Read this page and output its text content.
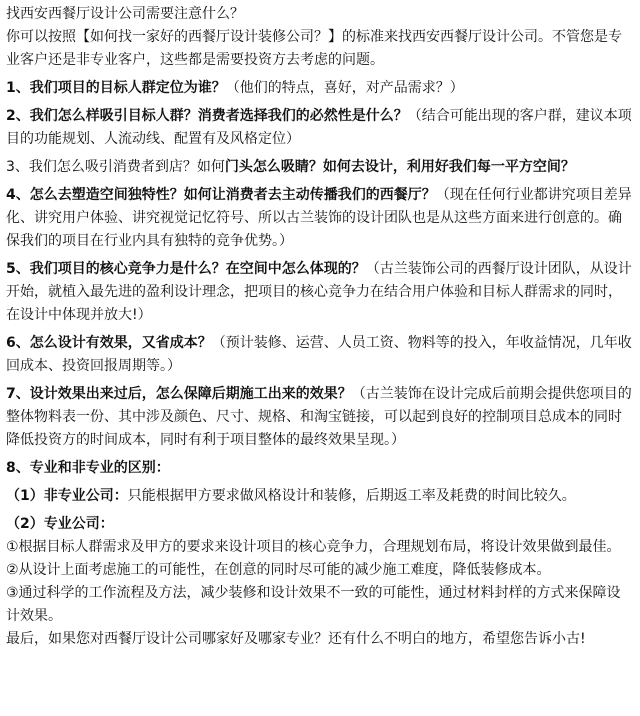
找西安西餐厅设计公司需要注意什么？

你可以按照【如何找一家好的西餐厅设计装修公司？】的标准来找西安西餐厅设计公司。不管您是专业客户还是非专业客户，这些都是需要投资方去考虑的问题。

1、我们项目的目标人群定位为谁？（他们的特点，喜好，对产品需求？）

2、我们怎么样吸引目标人群？消费者选择我们的必然性是什么？（结合可能出现的客户群，建议本项目的功能规划、人流动线、配置有及风格定位）

3、我们怎么吸引消费者到店？如何门头怎么吸睛？如何去设计，利用好我们每一平方空间？

4、怎么去塑造空间独特性？如何让消费者去主动传播我们的西餐厅？（现在任何行业都讲究项目差异化、讲究用户体验、讲究视觉记忆符号、所以古兰装饰的设计团队也是从这些方面来进行创意的。确保我们的项目在行业内具有独特的竞争优势。）

5、我们项目的核心竞争力是什么？在空间中怎么体现的？（古兰装饰公司的西餐厅设计团队，从设计开始，就植入最先进的盈利设计理念，把项目的核心竞争力在结合用户体验和目标人群需求的同时，在设计中体现并放大!）

6、怎么设计有效果，又省成本？（预计装修、运营、人员工资、物料等的投入，年收益情况，几年收回成本、投资回报周期等。）

7、设计效果出来过后，怎么保障后期施工出来的效果？（古兰装饰在设计完成后前期会提供您项目的整体物料表一份、其中涉及颜色、尺寸、规格、和淘宝链接，可以起到良好的控制项目总成本的同时降低投资方的时间成本，同时有利于项目整体的最终效果呈现。）

8、专业和非专业的区别：

（1）非专业公司：只能根据甲方要求做风格设计和装修，后期返工率及耗费的时间比较久。

（2）专业公司：

①根据目标人群需求及甲方的要求来设计项目的核心竞争力，合理规划布局，将设计效果做到最佳。

②从设计上面考虑施工的可能性，在创意的同时尽可能的减少施工难度，降低装修成本。

③通过科学的工作流程及方法，减少装修和设计效果不一致的可能性，通过材料封样的方式来保障设计效果。

最后，如果您对西餐厅设计公司哪家好及哪家专业？还有什么不明白的地方，希望您告诉小古!
